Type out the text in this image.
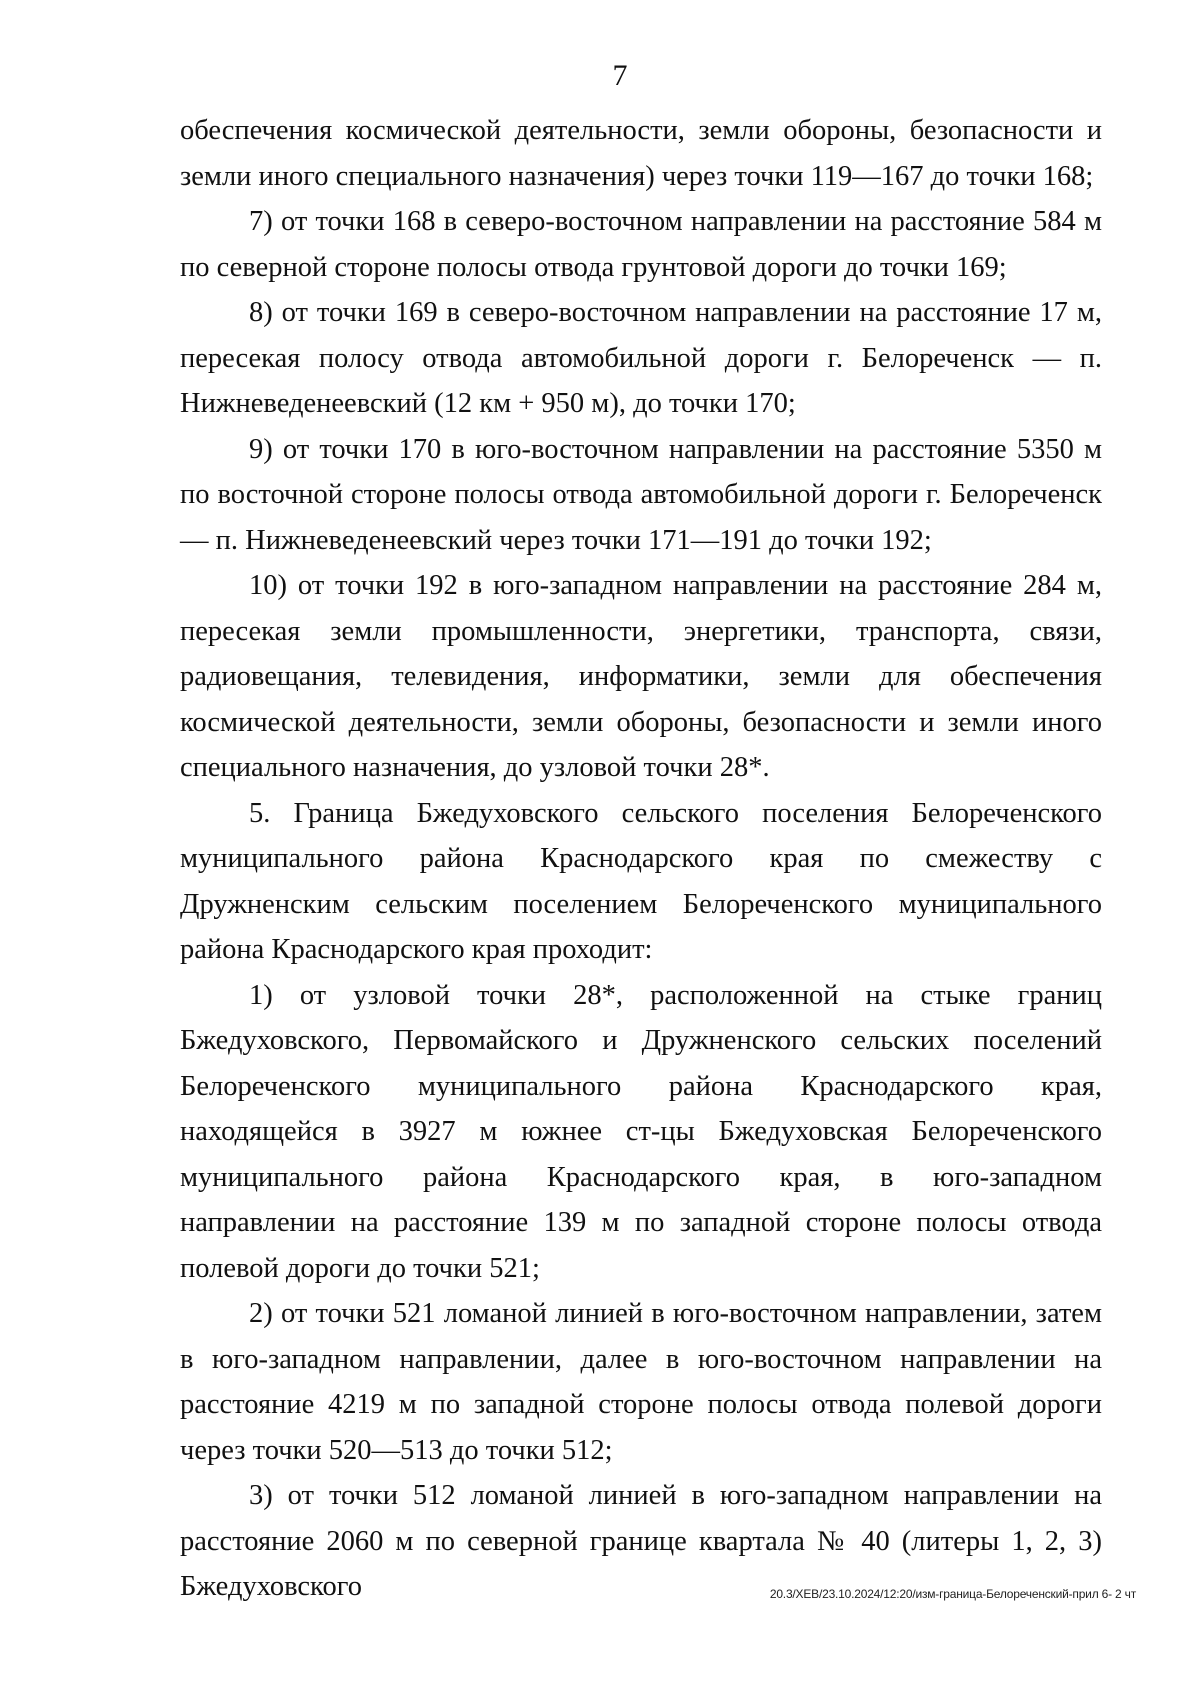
7

обеспечения космической деятельности, земли обороны, безопасности и земли иного специального назначения) через точки 119—167 до точки 168;

7) от точки 168 в северо-восточном направлении на расстояние 584 м по северной стороне полосы отвода грунтовой дороги до точки 169;

8) от точки 169 в северо-восточном направлении на расстояние 17 м, пересекая полосу отвода автомобильной дороги г. Белореченск — п. Нижневеденеевский (12 км + 950 м), до точки 170;

9) от точки 170 в юго-восточном направлении на расстояние 5350 м по восточной стороне полосы отвода автомобильной дороги г. Белореченск — п. Нижневеденеевский через точки 171—191 до точки 192;

10) от точки 192 в юго-западном направлении на расстояние 284 м, пересекая земли промышленности, энергетики, транспорта, связи, радиовещания, телевидения, информатики, земли для обеспечения космической деятельности, земли обороны, безопасности и земли иного специального назначения, до узловой точки 28*.

5. Граница Бжедуховского сельского поселения Белореченского муниципального района Краснодарского края по смежеству с Дружненским сельским поселением Белореченского муниципального района Краснодарского края проходит:

1) от узловой точки 28*, расположенной на стыке границ Бжедуховского, Первомайского и Дружненского сельских поселений Белореченского муниципального района Краснодарского края, находящейся в 3927 м южнее ст-цы Бжедуховская Белореченского муниципального района Краснодарского края, в юго-западном направлении на расстояние 139 м по западной стороне полосы отвода полевой дороги до точки 521;

2) от точки 521 ломаной линией в юго-восточном направлении, затем в юго-западном направлении, далее в юго-восточном направлении на расстояние 4219 м по западной стороне полосы отвода полевой дороги через точки 520—513 до точки 512;

3) от точки 512 ломаной линией в юго-западном направлении на расстояние 2060 м по северной границе квартала № 40 (литеры 1, 2, 3) Бжедуховского	20.3/ХЕВ/23.10.2024/12:20/изм-граница-Белореченский-прил 6- 2 чт
